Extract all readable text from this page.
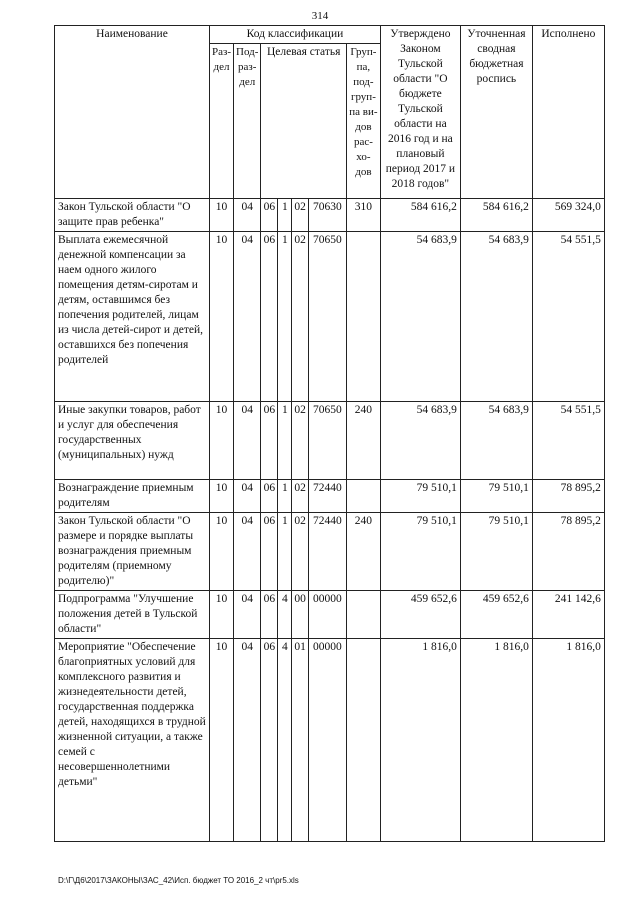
314
Наименование	Код классификации							Утверждено Законом Тульской области "О бюджете Тульской области на 2016 год и на плановый период 2017 и 2018 годов"	Уточненная сводная бюджетная роспись	Исполнено
	Раз-дел	Под-раз-дел	Целевая статья				Груп-па, под-груп-па ви-дов рас-хо-дов			
Закон Тульской области "О защите прав ребенка"	10	04	06	1	02	70630	310	584 616,2	584 616,2	569 324,0
Выплата ежемесячной денежной компенсации за наем одного жилого помещения детям-сиротам и детям, оставшимся без попечения родителей, лицам из числа детей-сирот и детей, оставшихся без попечения родителей	10	04	06	1	02	70650		54 683,9	54 683,9	54 551,5
Иные закупки товаров, работ и услуг для обеспечения государственных (муниципальных) нужд	10	04	06	1	02	70650	240	54 683,9	54 683,9	54 551,5
Вознаграждение приемным родителям	10	04	06	1	02	72440		79 510,1	79 510,1	78 895,2
Закон Тульской области "О размере и порядке выплаты вознаграждения приемным родителям (приемному родителю)"	10	04	06	1	02	72440	240	79 510,1	79 510,1	78 895,2
Подпрограмма "Улучшение положения детей в Тульской области"	10	04	06	4	00	00000		459 652,6	459 652,6	241 142,6
Мероприятие "Обеспечение благоприятных условий для комплексного развития и жизнедеятельности детей, государственная поддержка детей, находящихся в трудной жизненной ситуации, а также семей с несовершеннолетними детьми"	10	04	06	4	01	00000		1 816,0	1 816,0	1 816,0
D:\Г\Д6\2017\ЗАКОНЫ\ЗАС_42\Исп. бюджет ТО 2016_2 чт\pr5.xls
